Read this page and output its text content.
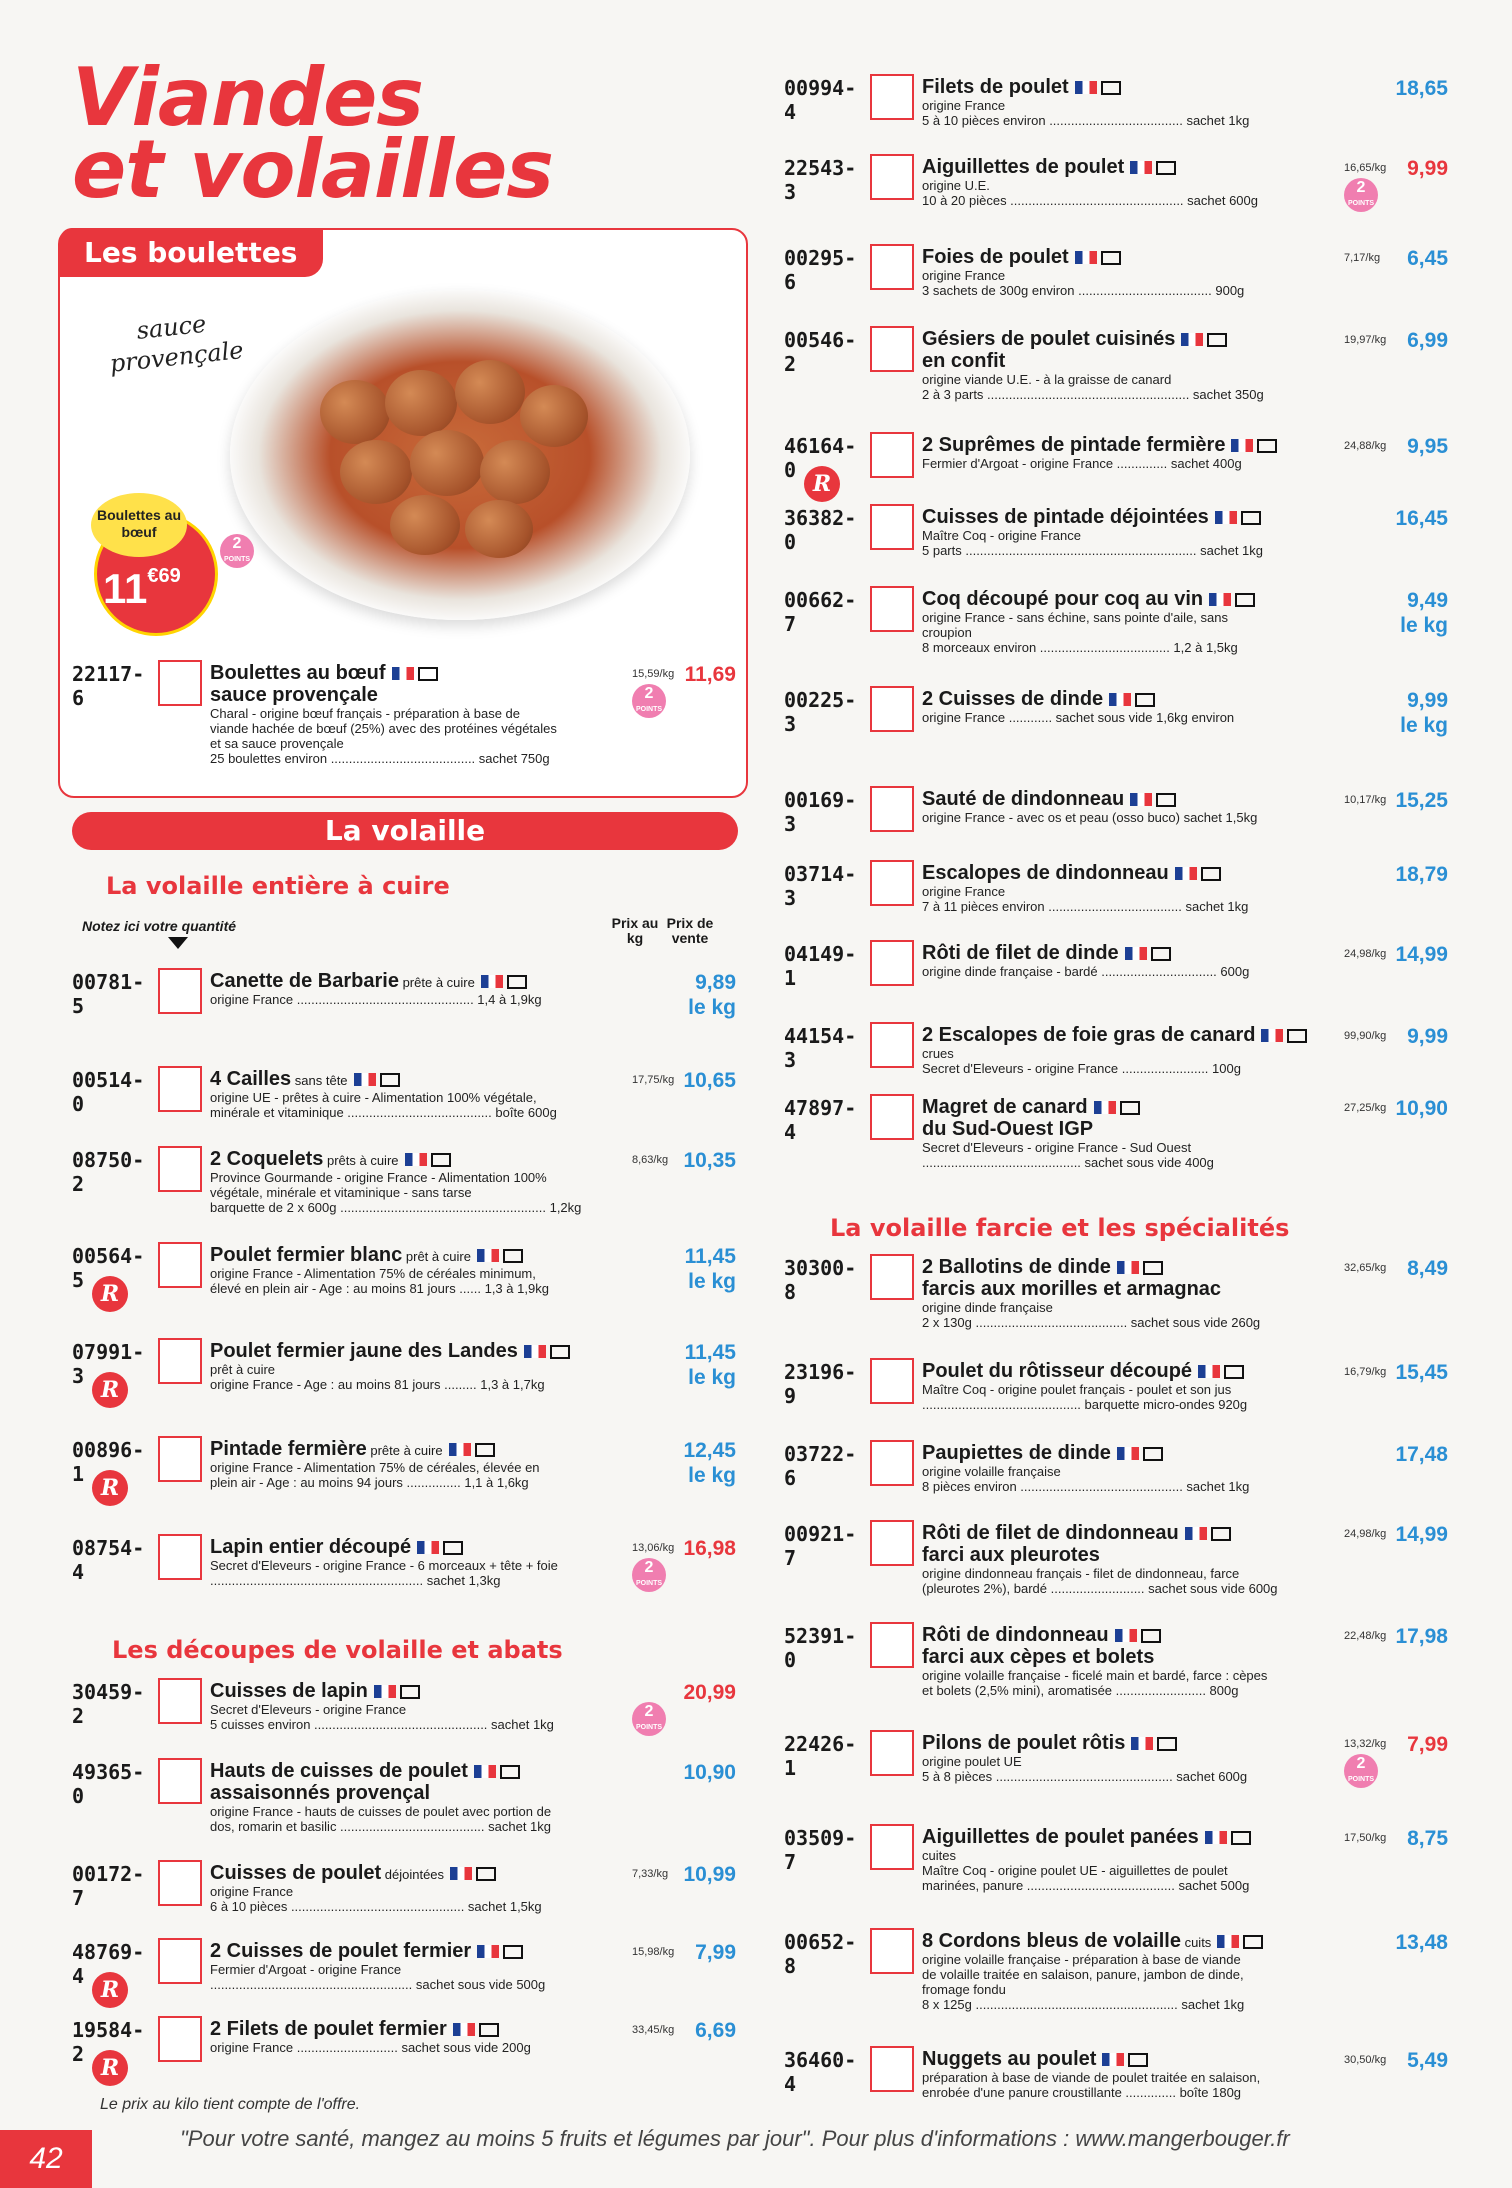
Viandes
et volailles
Les boulettes
sauce
provençale
Boulettes au bœuf
$11^{€69}$
2
POINTS
La volaille
La volaille entière à cuire
Notez ici votre quantité	Prix au kg
Prix de vente
Les découpes de volaille et abats
La volaille farcie et les spécialités
22117-6
Boulettes au bœuf
sauce provençale
Charal - origine bœuf français - préparation à base de
viande hachée de bœuf (25%) avec des protéines végétales
et sa sauce provençale
25 boulettes environ ........................................ sachet 750g
15,59/kg
2
POINTS
11,69
00781-5
Canette de Barbarie prête à cuire
origine France ................................................. 1,4 à 1,9kg
9,89
le kg
00514-0
4 Cailles sans tête
origine UE - prêtes à cuire - Alimentation 100% végétale,
minérale et vitaminique ........................................ boîte 600g
17,75/kg 10,65
08750-2
2 Coquelets prêts à cuire
Province Gourmande - origine France - Alimentation 100%
végétale, minérale et vitaminique - sans tarse
barquette de 2 x 600g ......................................................... 1,2kg
8,63/kg 10,35
00564-5
R
Poulet fermier blanc prêt à cuire
origine France - Alimentation 75% de céréales minimum,
élevé en plein air - Age : au moins 81 jours ...... 1,3 à 1,9kg
11,45
le kg
07991-3
R
Poulet fermier jaune des Landes
prêt à cuire
origine France - Age : au moins 81 jours ......... 1,3 à 1,7kg
11,45
le kg
00896-1
R
Pintade fermière prête à cuire
origine France - Alimentation 75% de céréales, élevée en
plein air - Age : au moins 94 jours ............... 1,1 à 1,6kg
12,45
le kg
08754-4
Lapin entier découpé
Secret d'Eleveurs - origine France - 6 morceaux + tête + foie
........................................................... sachet 1,3kg
13,06/kg
2
POINTS
16,98
30459-2
Cuisses de lapin
Secret d'Eleveurs - origine France
5 cuisses environ ................................................ sachet 1kg
2
POINTS
20,99
49365-0
Hauts de cuisses de poulet
assaisonnés provençal
origine France - hauts de cuisses de poulet avec portion de
dos, romarin et basilic ........................................ sachet 1kg
10,90
00172-7
Cuisses de poulet déjointées
origine France
6 à 10 pièces ................................................ sachet 1,5kg
7,33/kg 10,99
48769-4
R
2 Cuisses de poulet fermier
Fermier d'Argoat - origine France
........................................................ sachet sous vide 500g
15,98/kg 7,99
19584-2
R
2 Filets de poulet fermier
origine France ............................ sachet sous vide 200g
33,45/kg 6,69
00994-4
Filets de poulet
origine France
5 à 10 pièces environ ..................................... sachet 1kg
18,65
22543-3
Aiguillettes de poulet
origine U.E.
10 à 20 pièces ................................................ sachet 600g
16,65/kg
2
POINTS
9,99
00295-6
Foies de poulet
origine France
3 sachets de 300g environ ..................................... 900g
7,17/kg	6,45
00546-2
Gésiers de poulet cuisinés
en confit
origine viande U.E. - à la graisse de canard
2 à 3 parts ........................................................ sachet 350g
19,97/kg 6,99
46164-0
R
2 Suprêmes de pintade fermière
Fermier d'Argoat - origine France .............. sachet 400g
24,88/kg 9,95
36382-0
Cuisses de pintade déjointées
Maître Coq - origine France
5 parts ................................................................ sachet 1kg
16,45
00662-7
Coq découpé pour coq au vin
origine France - sans échine, sans pointe d'aile, sans
croupion
8 morceaux environ .................................... 1,2 à 1,5kg
9,49
le kg
00225-3
2 Cuisses de dinde
origine France ............ sachet sous vide 1,6kg environ
9,99
le kg
00169-3
Sauté de dindonneau
origine France - avec os et peau (osso buco) sachet 1,5kg
10,17/kg 15,25
03714-3
Escalopes de dindonneau
origine France
7 à 11 pièces environ ..................................... sachet 1kg
18,79
04149-1
Rôti de filet de dinde
origine dinde française - bardé ................................ 600g
24,98/kg 14,99
44154-3
2 Escalopes de foie gras de canard
crues
Secret d'Eleveurs - origine France ........................ 100g
99,90/kg 9,99
47897-4
Magret de canard
du Sud-Ouest IGP
Secret d'Eleveurs - origine France - Sud Ouest
............................................ sachet sous vide 400g
27,25/kg 10,90
30300-8
2 Ballotins de dinde
farcis aux morilles et armagnac
origine dinde française
2 x 130g .......................................... sachet sous vide 260g
32,65/kg 8,49
23196-9
Poulet du rôtisseur découpé
Maître Coq - origine poulet français - poulet et son jus
............................................ barquette micro-ondes 920g
16,79/kg 15,45
03722-6
Paupiettes de dinde
origine volaille française
8 pièces environ ............................................. sachet 1kg
17,48
00921-7
Rôti de filet de dindonneau
farci aux pleurotes
origine dindonneau français - filet de dindonneau, farce
(pleurotes 2%), bardé .......................... sachet sous vide 600g
24,98/kg 14,99
52391-0
Rôti de dindonneau
farci aux cèpes et bolets
origine volaille française - ficelé main et bardé, farce : cèpes
et bolets (2,5% mini), aromatisée ......................... 800g
22,48/kg 17,98
22426-1
Pilons de poulet rôtis
origine poulet UE
5 à 8 pièces ................................................. sachet 600g
13,32/kg
2
POINTS
7,99
03509-7
Aiguillettes de poulet panées
cuites
Maître Coq - origine poulet UE - aiguillettes de poulet
marinées, panure ......................................... sachet 500g
17,50/kg 8,75
00652-8
8 Cordons bleus de volaille cuits
origine volaille française - préparation à base de viande
de volaille traitée en salaison, panure, jambon de dinde,
fromage fondu
8 x 125g ........................................................ sachet 1kg
13,48
36460-4
Nuggets au poulet
préparation à base de viande de poulet traitée en salaison,
enrobée d'une panure croustillante .............. boîte 180g
30,50/kg 5,49
Le prix au kilo tient compte de l'offre.
42
"Pour votre santé, mangez au moins 5 fruits et légumes par jour". Pour plus d'informations : www.mangerbouger.fr
